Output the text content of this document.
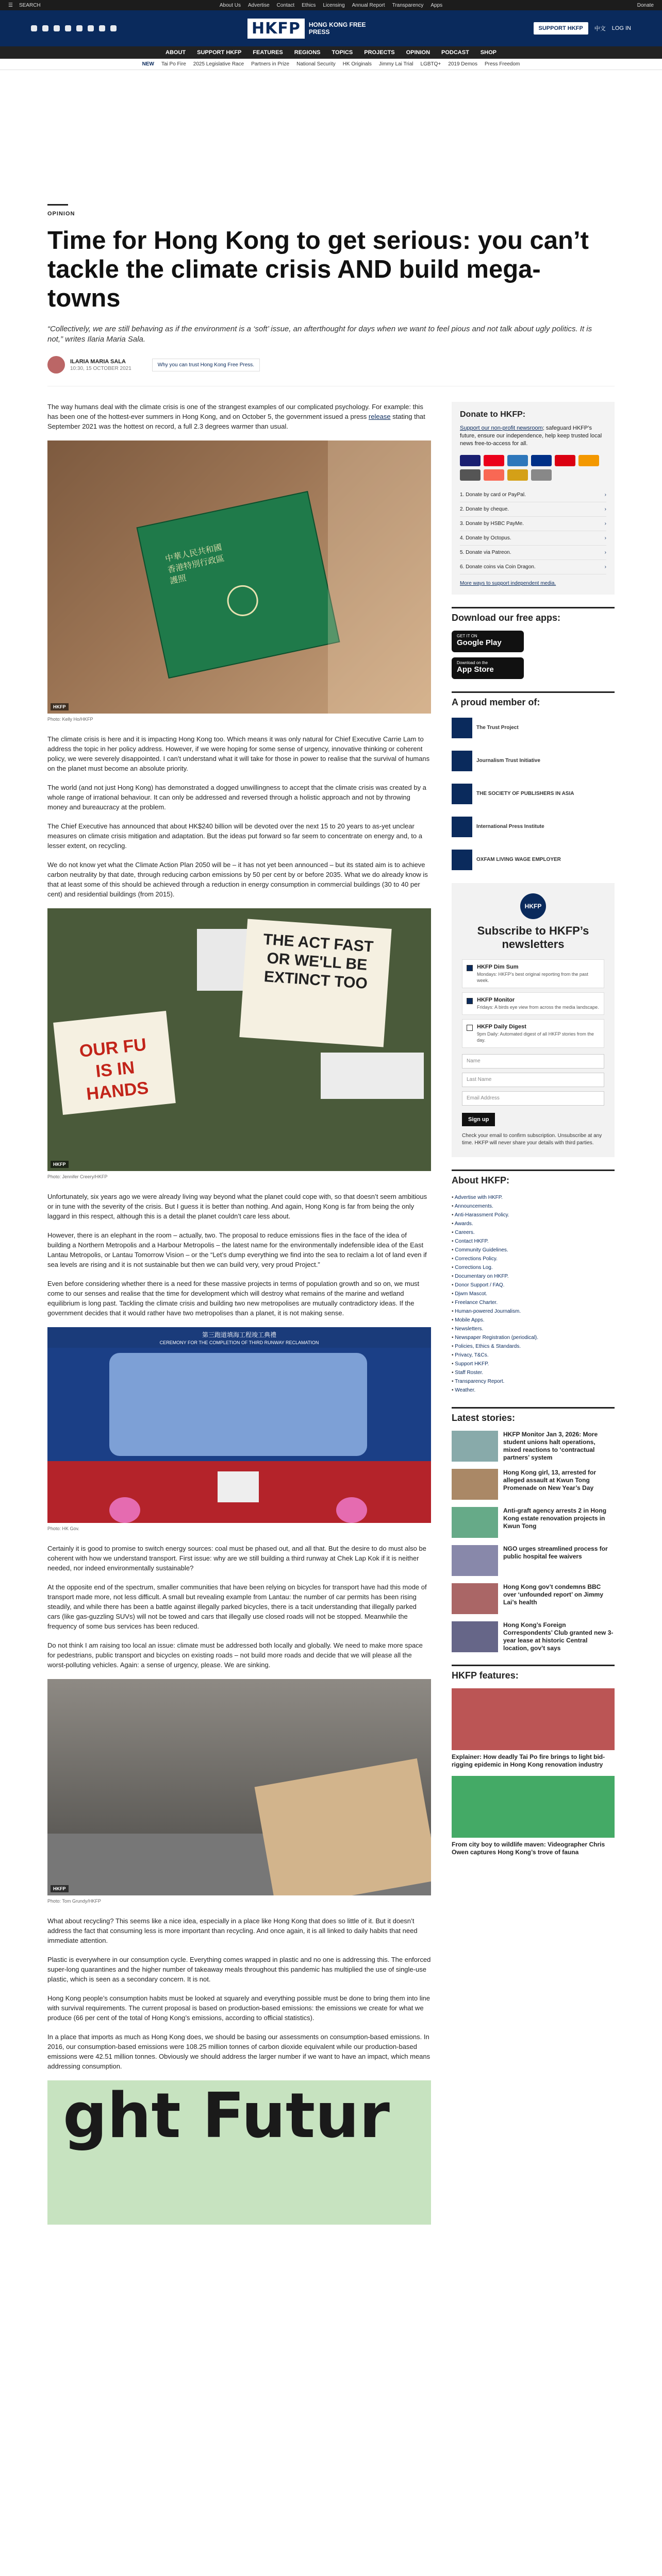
☰ SEARCH	About Us Advertise Contact Ethics Licensing Annual Report Transparency Apps	Donate
HKFP	HONG KONG FREE PRESS	SUPPORT HKFP	中文 LOG IN
ABOUT SUPPORT HKFP FEATURES REGIONS TOPICS PROJECTS OPINION PODCAST SHOP
NEW Tai Po Fire 2025 Legislative Race Partners in Prize National Security HK Originals Jimmy Lai Trial LGBTQ+ 2019 Demos Press Freedom
OPINION
Time for Hong Kong to get serious: you can’t tackle the climate crisis AND build mega-towns
“Collectively, we are still behaving as if the environment is a ‘soft’ issue, an afterthought for days when we want to feel pious and not talk about ugly politics. It is not,” writes Ilaria Maria Sala.
ILARIA MARIA SALA
10:30, 15 OCTOBER 2021
Why you can trust Hong Kong Free Press.

The way humans deal with the climate crisis is one of the strangest examples of our complicated psychology. For example: this has been one of the hottest-ever summers in Hong Kong, and on October 5, the government issued a press release stating that September 2021 was the hottest on record, a full 2.3 degrees warmer than usual.

中華人民共和國
香港特別行政區
護照
HKFP
Photo: Kelly Ho/HKFP

The climate crisis is here and it is impacting Hong Kong too. Which means it was only natural for Chief Executive Carrie Lam to address the topic in her policy address. However, if we were hoping for some sense of urgency, innovative thinking or coherent policy, we were severely disappointed. I can’t understand what it will take for those in power to realise that the survival of humans on the planet must become an absolute priority.

The world (and not just Hong Kong) has demonstrated a dogged unwillingness to accept that the climate crisis was created by a whole range of irrational behaviour. It can only be addressed and reversed through a holistic approach and not by throwing money and bureaucracy at the problem.

The Chief Executive has announced that about HK$240 billion will be devoted over the next 15 to 20 years to as-yet unclear measures on climate crisis mitigation and adaptation. But the ideas put forward so far seem to concentrate on energy and, to a lesser extent, on recycling.

We do not know yet what the Climate Action Plan 2050 will be – it has not yet been announced – but its stated aim is to achieve carbon neutrality by that date, through reducing carbon emissions by 50 per cent by or before 2035. What we do already know is that at least some of this should be achieved through a reduction in energy consumption in commercial buildings (30 to 40 per cent) and residential buildings (from 2015).

OUR FU
IS IN
HANDS
THE ACT FAST
OR WE'LL BE
EXTINCT TOO
HKFP
Photo: Jennifer Creery/HKFP

Unfortunately, six years ago we were already living way beyond what the planet could cope with, so that doesn’t seem ambitious or in tune with the severity of the crisis. But I guess it is better than nothing. And again, Hong Kong is far from being the only laggard in this respect, although this is a detail the planet couldn’t care less about.

However, there is an elephant in the room – actually, two. The proposal to reduce emissions flies in the face of the idea of building a Northern Metropolis and a Harbour Metropolis – the latest name for the environmentally indefensible idea of the East Lantau Metropolis, or Lantau Tomorrow Vision – or the “Let’s dump everything we find into the sea to reclaim a lot of land even if sea levels are rising and it is not sustainable but then we can build very, very proud Project.”

Even before considering whether there is a need for these massive projects in terms of population growth and so on, we must come to our senses and realise that the time for development which will destroy what remains of the marine and wetland equilibrium is long past. Tackling the climate crisis and building two new metropolises are mutually contradictory ideas. If the government decides that it would rather have two metropolises than a planet, it is not making sense.

第三跑道填海工程竣工典禮
CEREMONY FOR THE COMPLETION OF THIRD RUNWAY RECLAMATION
Photo: HK Gov.

Certainly it is good to promise to switch energy sources: coal must be phased out, and all that. But the desire to do must also be coherent with how we understand transport. First issue: why are we still building a third runway at Chek Lap Kok if it is neither needed, nor indeed environmentally sustainable?

At the opposite end of the spectrum, smaller communities that have been relying on bicycles for transport have had this mode of transport made more, not less difficult. A small but revealing example from Lantau: the number of car permits has been rising steadily, and while there has been a battle against illegally parked bicycles, there is a tacit understanding that illegally parked cars (like gas-guzzling SUVs) will not be towed and cars that illegally use closed roads will not be stopped. Meanwhile the frequency of some bus services has been reduced.

Do not think I am raising too local an issue: climate must be addressed both locally and globally. We need to make more space for pedestrians, public transport and bicycles on existing roads – not build more roads and decide that we will please all the worst-polluting vehicles. Again: a sense of urgency, please. We are sinking.

HKFP
Photo: Tom Grundy/HKFP

What about recycling? This seems like a nice idea, especially in a place like Hong Kong that does so little of it. But it doesn’t address the fact that consuming less is more important than recycling. And once again, it is all linked to daily habits that need immediate attention.

Plastic is everywhere in our consumption cycle. Everything comes wrapped in plastic and no one is addressing this. The enforced super-long quarantines and the higher number of takeaway meals throughout this pandemic has multiplied the use of single-use plastic, which is seen as a secondary concern. It is not.

Hong Kong people’s consumption habits must be looked at squarely and everything possible must be done to bring them into line with survival requirements. The current proposal is based on production-based emissions: the emissions we create for what we produce (66 per cent of the total of Hong Kong’s emissions, according to official statistics).

In a place that imports as much as Hong Kong does, we should be basing our assessments on consumption-based emissions. In 2016, our consumption-based emissions were 108.25 million tonnes of carbon dioxide equivalent while our production-based emissions were 42.51 million tonnes. Obviously we should address the larger number if we want to have an impact, which means addressing consumption.

ght Futur
Donate to HKFP:
Support our non-profit newsroom; safeguard HKFP’s future, ensure our independence, help keep trusted local news free-to-access for all.
1. Donate by card or PayPal.	›
2. Donate by cheque.	›
3. Donate by HSBC PayMe.	›
4. Donate by Octopus.	›
5. Donate via Patreon.	›
6. Donate coins via Coin Dragon.	›
More ways to support independent media.
Download our free apps:
GET IT ON
Google Play
Download on the
App Store
A proud member of:
The Trust Project
Journalism Trust Initiative
THE SOCIETY OF PUBLISHERS IN ASIA
International Press Institute
OXFAM LIVING WAGE EMPLOYER
HKFP
Subscribe to HKFP’s newsletters
HKFP Dim Sum
Mondays: HKFP’s best original reporting from the past week.
HKFP Monitor
Fridays: A birds eye view from across the media landscape.
HKFP Daily Digest
9pm Daily: Automated digest of all HKFP stories from the day.
Name
Last Name
Email Address
Sign up
Check your email to confirm subscription. Unsubscribe at any time. HKFP will never share your details with third parties.
About HKFP:
• Advertise with HKFP.
• Announcements.
• Anti-Harassment Policy.
• Awards.
• Careers.
• Contact HKFP.
• Community Guidelines.
• Corrections Policy.
• Corrections Log.
• Documentary on HKFP.
• Donor Support / FAQ.
• Djwm Mascot.
• Freelance Charter.
• Human-powered Journalism.
• Mobile Apps.
• Newsletters.
• Newspaper Registration (periodical).
• Policies, Ethics & Standards.
• Privacy, T&Cs.
• Support HKFP.
• Staff Roster.
• Transparency Report.
• Weather.
Latest stories:
HKFP Monitor Jan 3, 2026: More student unions halt operations, mixed reactions to ‘contractual partners’ system
Hong Kong girl, 13, arrested for alleged assault at Kwun Tong Promenade on New Year’s Day
Anti-graft agency arrests 2 in Hong Kong estate renovation projects in Kwun Tong
NGO urges streamlined process for public hospital fee waivers
Hong Kong gov’t condemns BBC over ‘unfounded report’ on Jimmy Lai’s health
Hong Kong’s Foreign Correspondents’ Club granted new 3-year lease at historic Central location, gov’t says
HKFP features:
Explainer: How deadly Tai Po fire brings to light bid-rigging epidemic in Hong Kong renovation industry
From city boy to wildlife maven: Videographer Chris Owen captures Hong Kong’s trove of fauna
